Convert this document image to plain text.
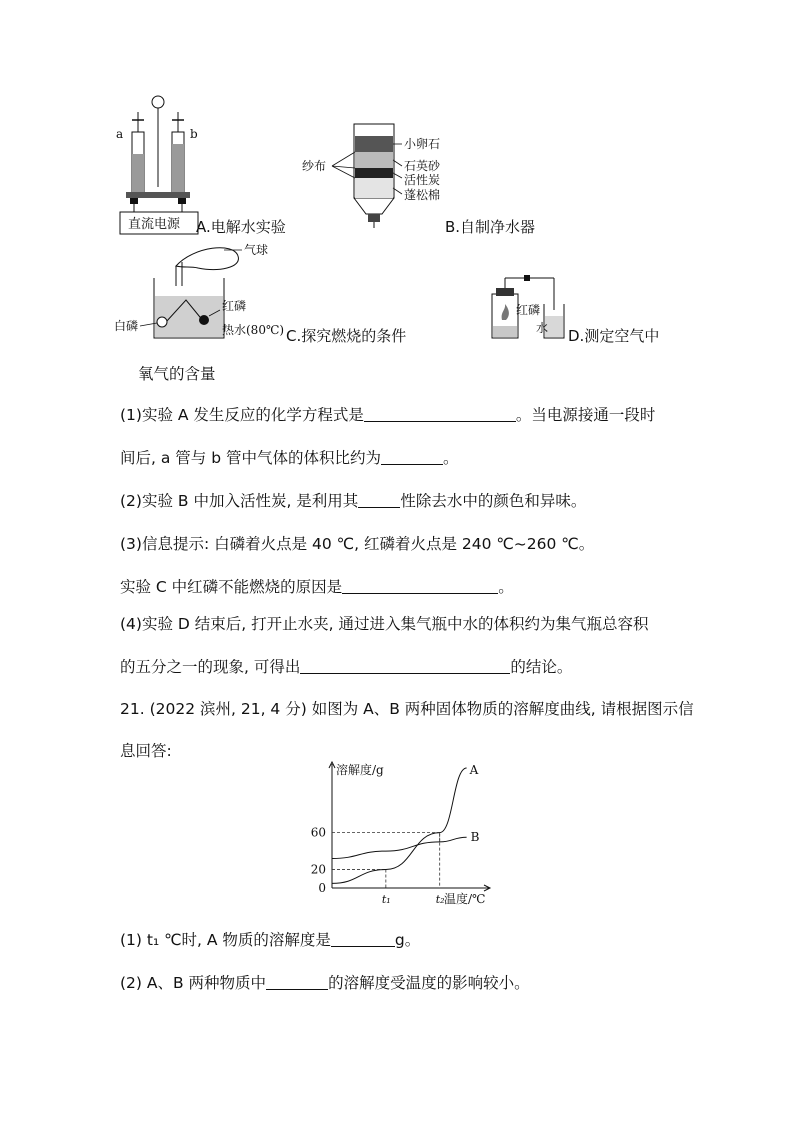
直流电源
a	b
A.电解水实验
纱布
小卵石
石英砂
活性炭
蓬松棉
B.自制净水器
气球
红磷
白磷	热水(80℃) C.探究燃烧的条件
红磷
水 D.测定空气中
氧气的含量
(1)实验 A 发生反应的化学方程式是	。当电源接通一段时
间后, a 管与 b 管中气体的体积比约为	。
(2)实验 B 中加入活性炭, 是利用其	性除去水中的颜色和异味。
(3)信息提示: 白磷着火点是 40 ℃, 红磷着火点是 240 ℃~260 ℃。
实验 C 中红磷不能燃烧的原因是	。
(4)实验 D 结束后, 打开止水夹, 通过进入集气瓶中水的体积约为集气瓶总容积
的五分之一的现象, 可得出	的结论。
21. (2022 滨州, 21, 4 分) 如图为 A、B 两种固体物质的溶解度曲线, 请根据图示信
息回答:
溶解度/g
温度/℃
0
20
60
t₁	t₂
A
B
(1) t₁ ℃时, A 物质的溶解度是	g。
(2) A、B 两种物质中	的溶解度受温度的影响较小。
